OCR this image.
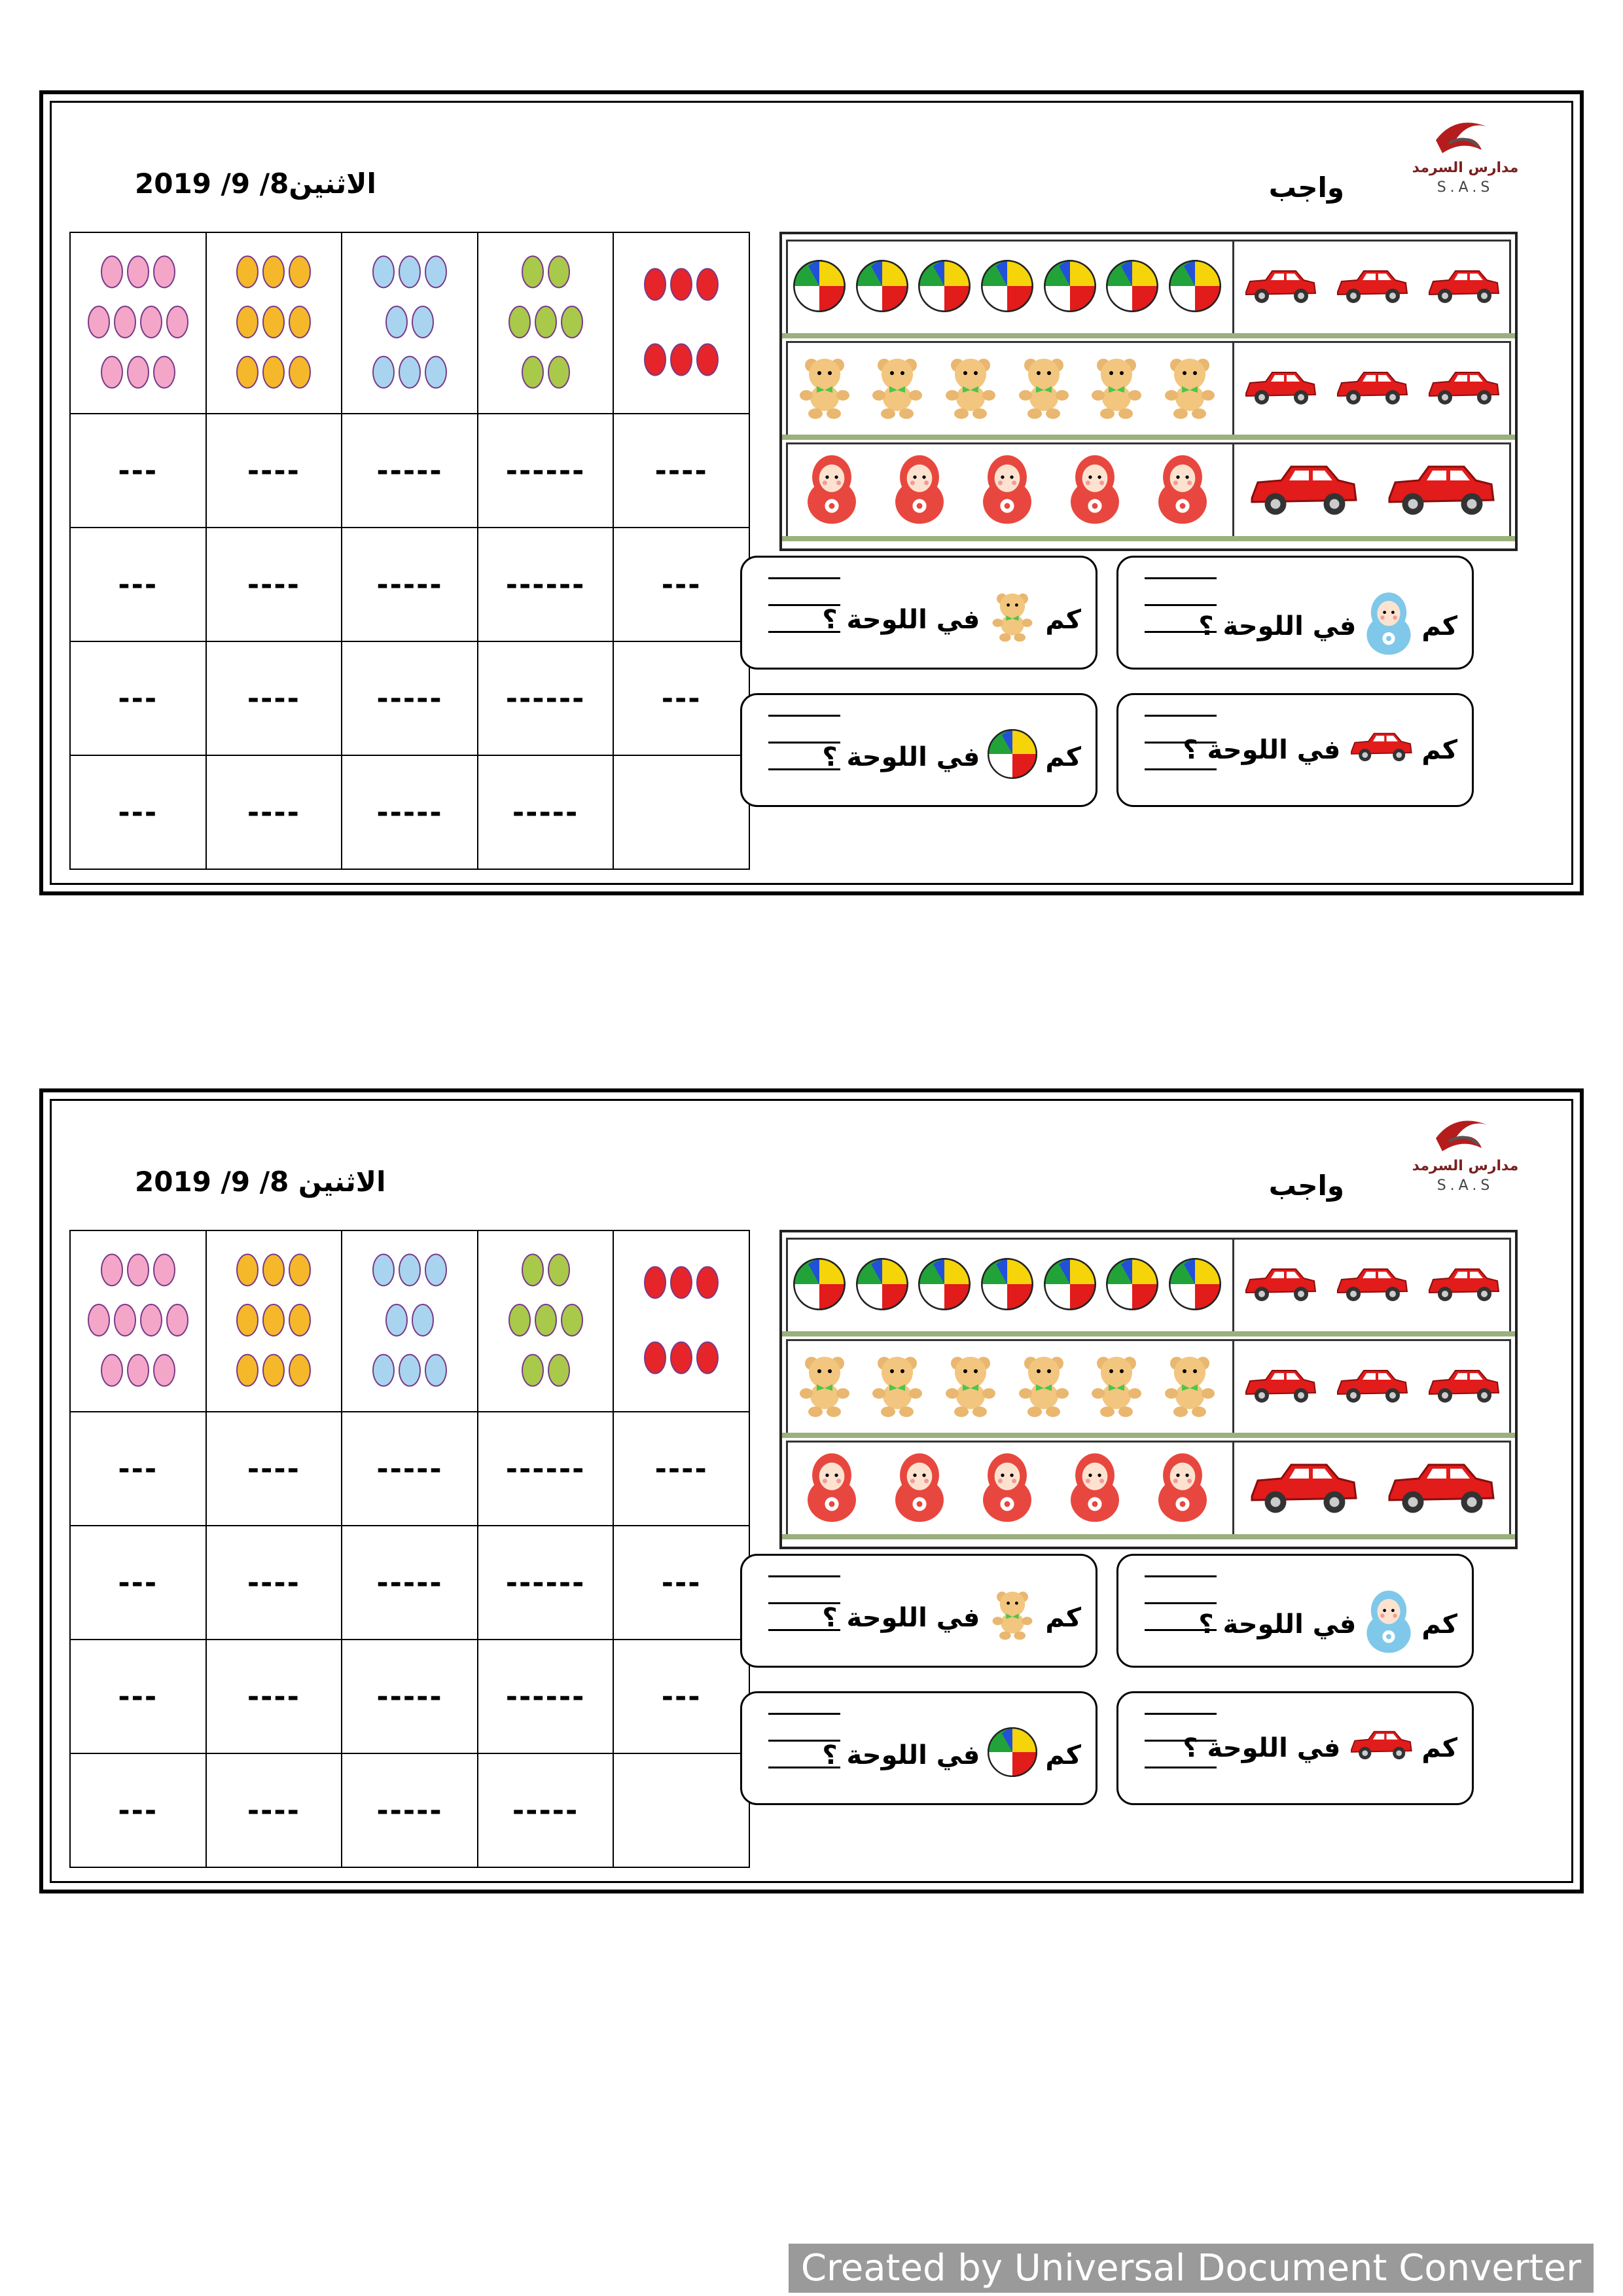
مدارس السرمد
S.A.S
واجب
الاثنين8/ 9/ 2019

---	----	-----	------	----
---	----	-----	------	---
---	----	-----	------	---
---	----	-----	-----	
كم
في اللوحة ؟
كم
في اللوحة ؟
كم
في اللوحة ؟
كم
في اللوحة ؟
مدارس السرمد
S.A.S
واجب
الاثنين 8/ 9/ 2019

---	----	-----	------	----
---	----	-----	------	---
---	----	-----	------	---
---	----	-----	-----	
كم
في اللوحة ؟
كم
في اللوحة ؟
كم
في اللوحة ؟
كم
في اللوحة ؟
Created by Universal Document Converter
